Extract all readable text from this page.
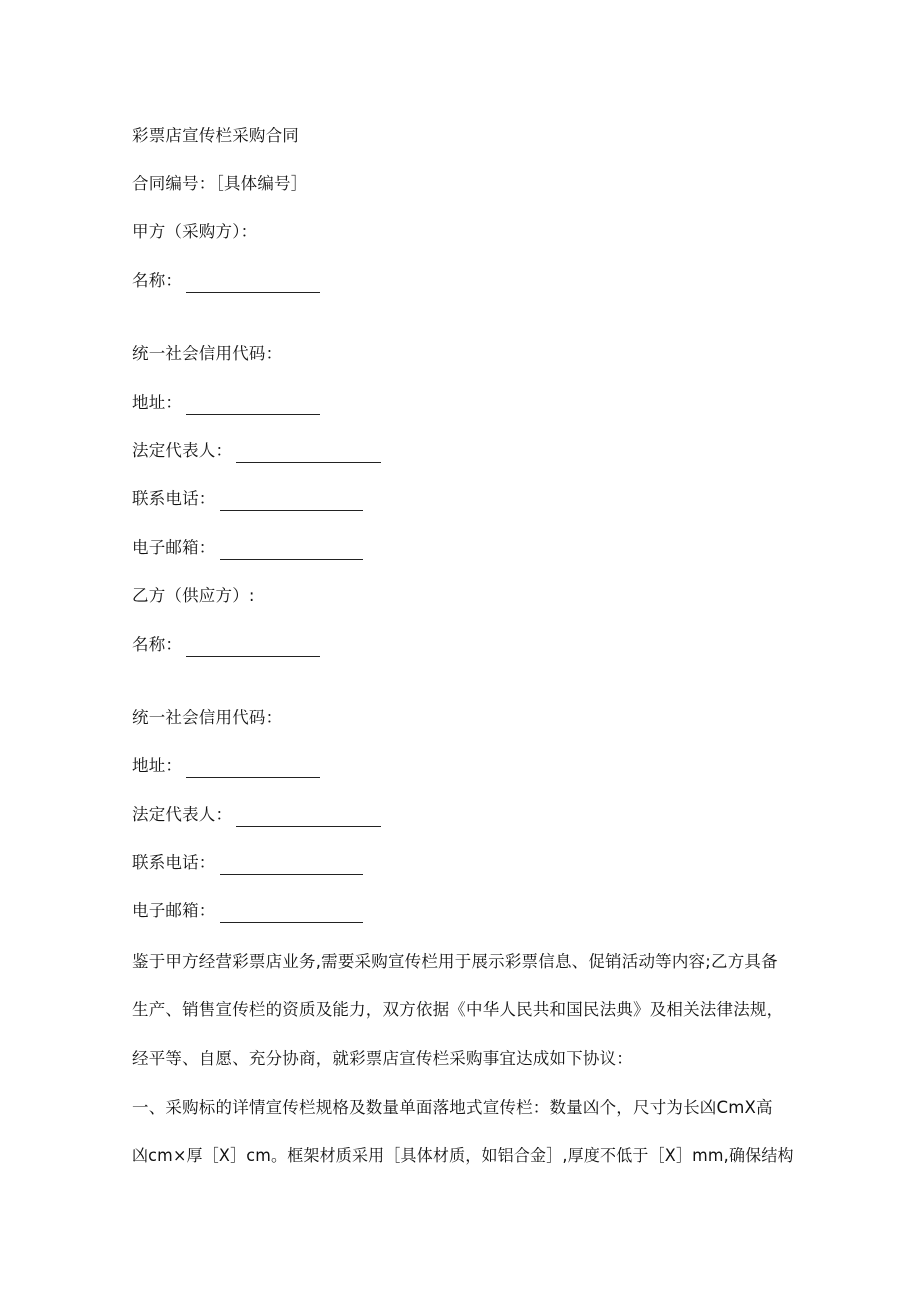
彩票店宣传栏采购合同
合同编号：［具体编号］
甲方（采购方）：
名称：
统一社会信用代码：
地址：
法定代表人：
联系电话：
电子邮箱：
乙方（供应方）:
名称：
统一社会信用代码：
地址：
法定代表人：
联系电话：
电子邮箱：
鉴于甲方经营彩票店业务,需要采购宣传栏用于展示彩票信息、促销活动等内容;乙方具备
生产、销售宣传栏的资质及能力，双方依据《中华人民共和国民法典》及相关法律法规，
经平等、自愿、充分协商，就彩票店宣传栏采购事宜达成如下协议：
一、采购标的详情宣传栏规格及数量单面落地式宣传栏：数量凶个，尺寸为长凶CmX高
凶cm×厚［X］cm。框架材质采用［具体材质，如铝合金］,厚度不低于［X］mm,确保结构
